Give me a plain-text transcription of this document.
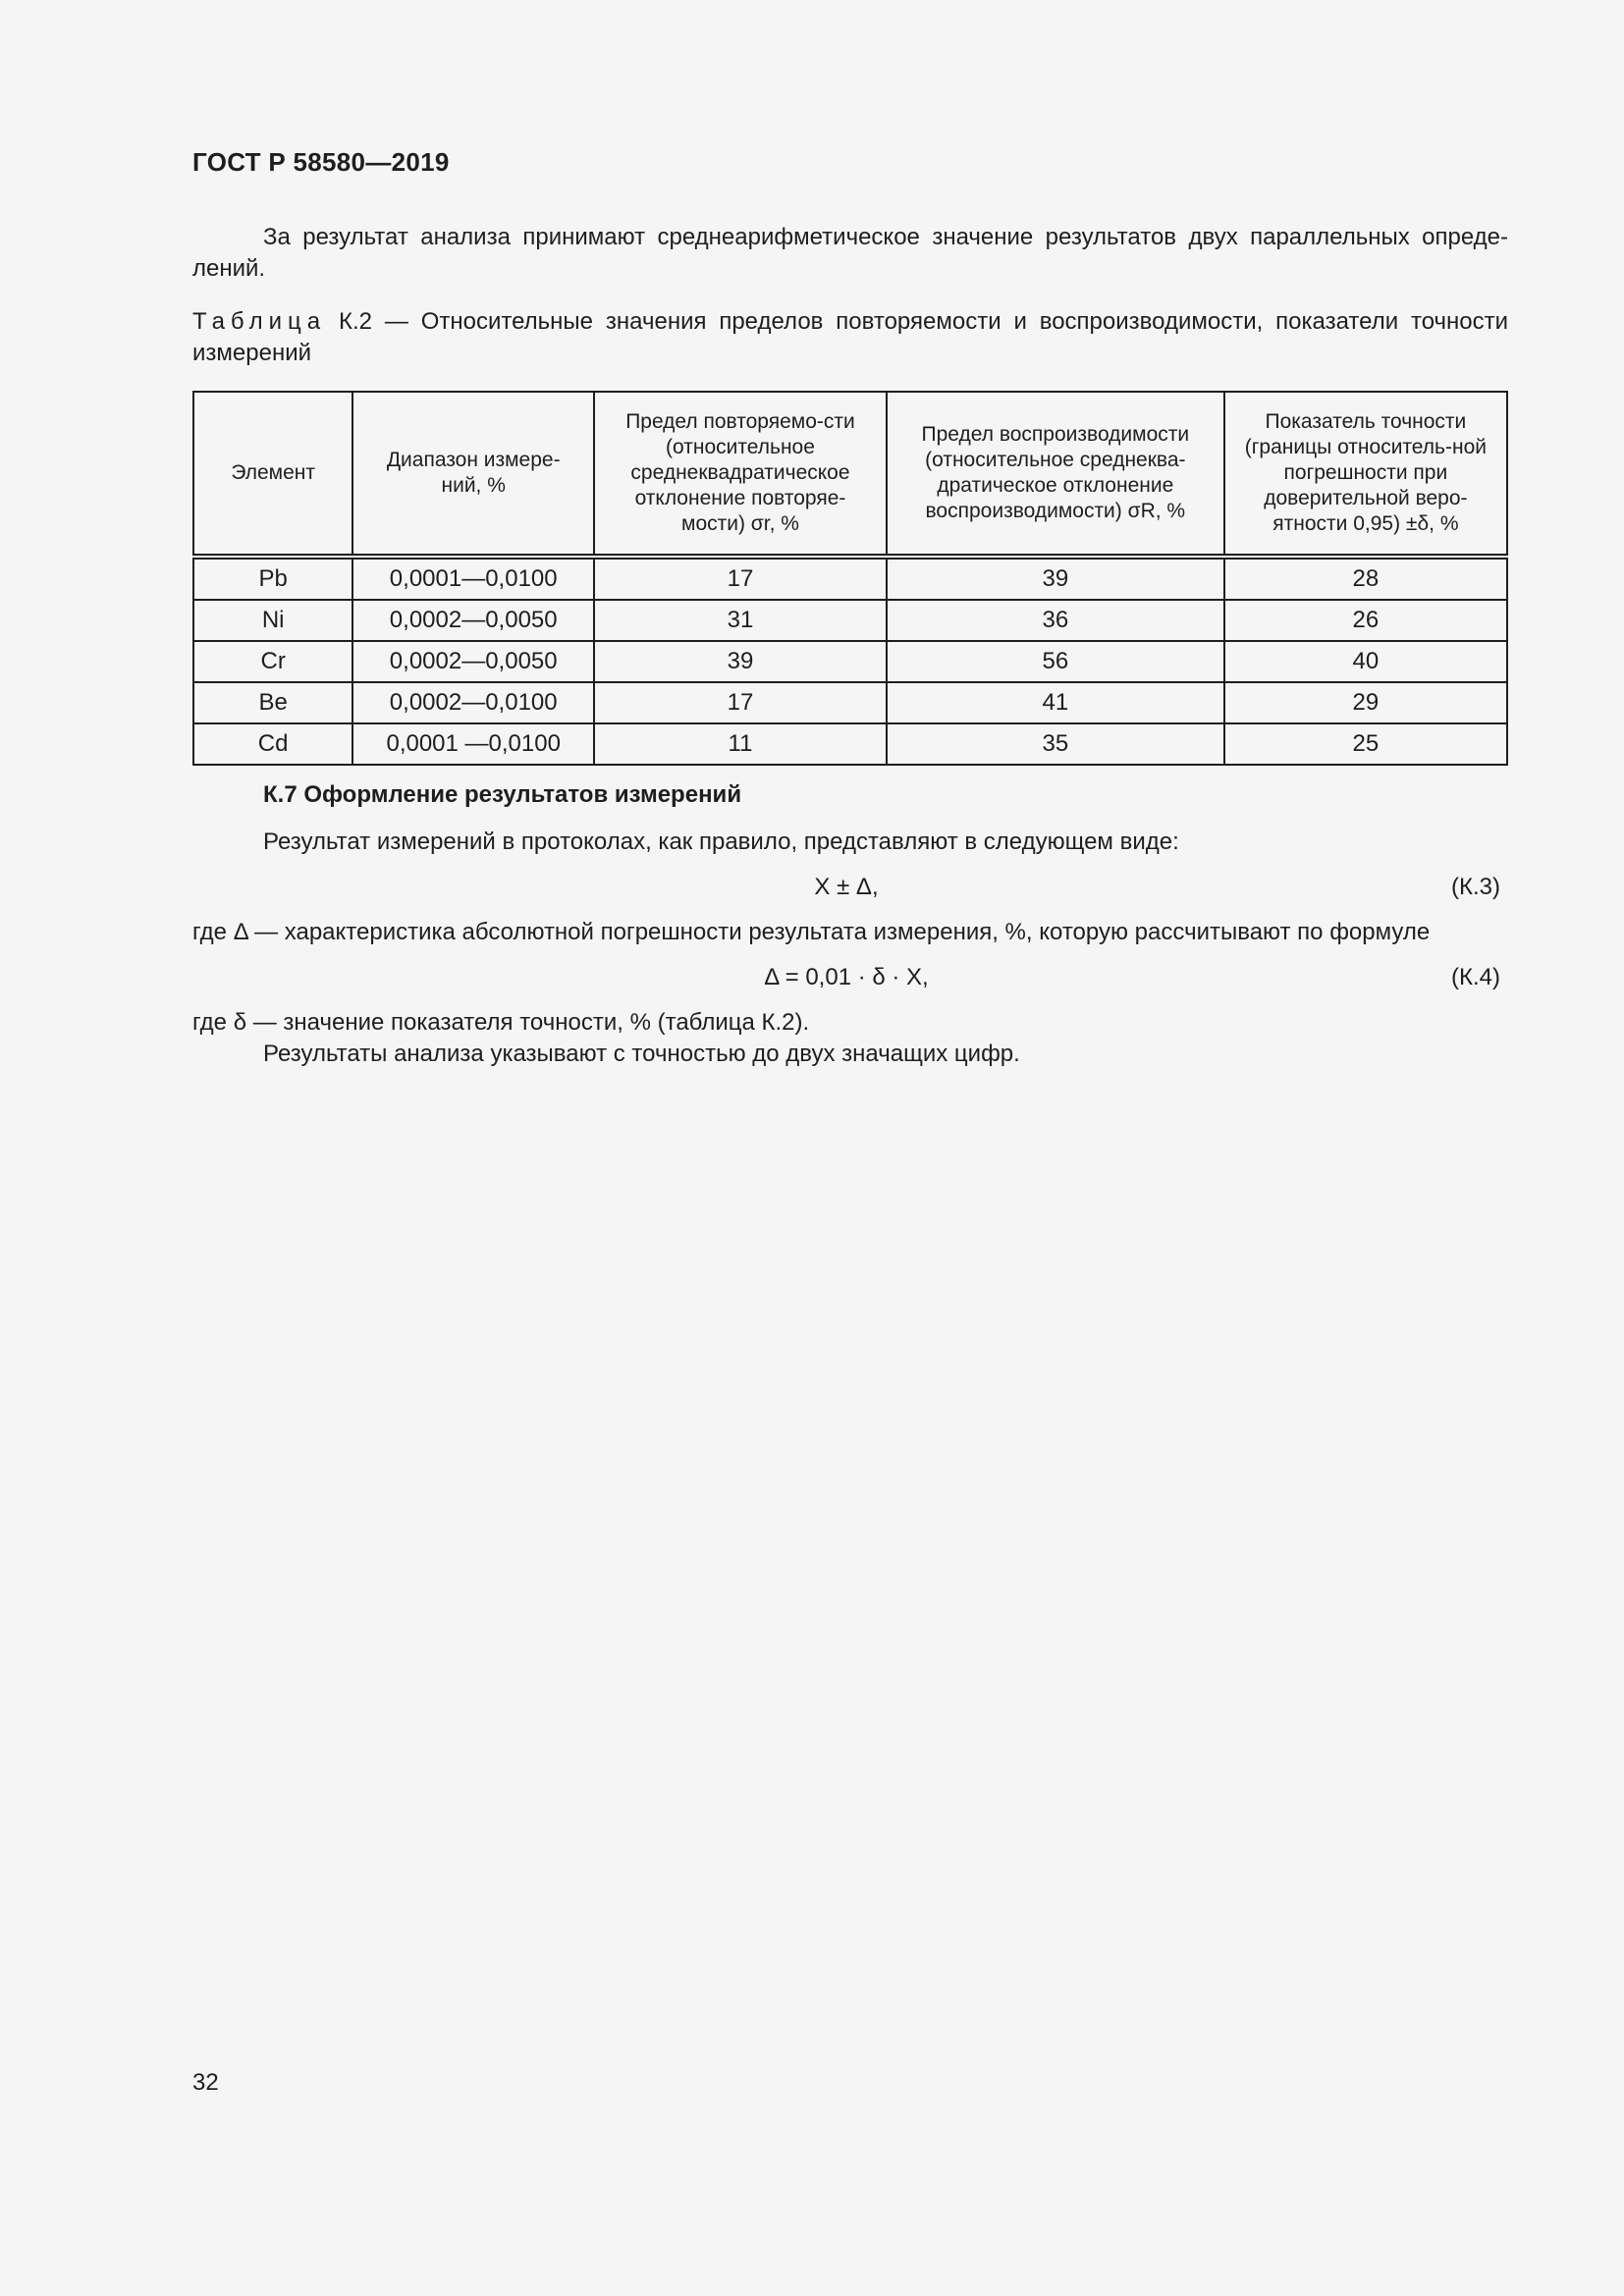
ГОСТ Р 58580—2019
За результат анализа принимают среднеарифметическое значение результатов двух параллельных опреде-лений.
Таблица К.2 — Относительные значения пределов повторяемости и воспроизводимости, показатели точности измерений
Элемент	Диапазон измере-ний, %	Предел повторяемо-сти (относительное среднеквадратическое отклонение повторяе-мости) σr, %	Предел воспроизводимости (относительное среднеква-дратическое отклонение воспроизводимости) σR, %	Показатель точности (границы относитель-ной погрешности при доверительной веро-ятности 0,95) ±δ, %
Pb	0,0001—0,0100	17	39	28
Ni	0,0002—0,0050	31	36	26
Cr	0,0002—0,0050	39	56	40
Be	0,0002—0,0100	17	41	29
Cd	0,0001 —0,0100	11	35	25
К.7 Оформление результатов измерений
Результат измерений в протоколах, как правило, представляют в следующем виде:
X ± Δ,	(К.3)
где Δ — характеристика абсолютной погрешности результата измерения, %, которую рассчитывают по формуле
Δ = 0,01 · δ · X,	(К.4)
где δ — значение показателя точности, % (таблица К.2).
Результаты анализа указывают с точностью до двух значащих цифр.
32
